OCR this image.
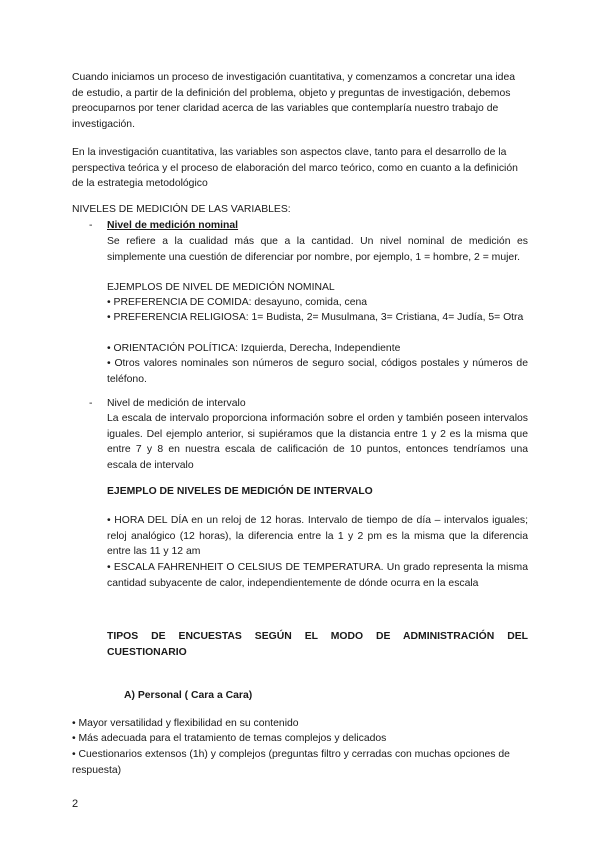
Cuando iniciamos un proceso de investigación cuantitativa, y comenzamos a concretar una idea de estudio, a partir de la definición del problema, objeto y preguntas de investigación, debemos preocuparnos por tener claridad acerca de las variables que contemplaría nuestro trabajo de investigación.

En la investigación cuantitativa, las variables son aspectos clave, tanto para el desarrollo de la perspectiva teórica y el proceso de elaboración del marco teórico, como en cuanto a la definición de la estrategia metodológico

NIVELES DE MEDICIÓN DE LAS VARIABLES:

- Nivel de medición nominal

Se refiere a la cualidad más que a la cantidad. Un nivel nominal de medición es simplemente una cuestión de diferenciar por nombre, por ejemplo, 1 = hombre, 2 = mujer.

EJEMPLOS DE NIVEL DE MEDICIÓN NOMINAL

• PREFERENCIA DE COMIDA: desayuno, comida, cena

• PREFERENCIA RELIGIOSA: 1= Budista, 2= Musulmana, 3= Cristiana, 4= Judía, 5= Otra

• ORIENTACIÓN POLÍTICA: Izquierda, Derecha, Independiente

• Otros valores nominales son números de seguro social, códigos postales y números de teléfono.

- Nivel de medición de intervalo

La escala de intervalo proporciona información sobre el orden y también poseen intervalos iguales. Del ejemplo anterior, si supiéramos que la distancia entre 1 y 2 es la misma que entre 7 y 8 en nuestra escala de calificación de 10 puntos, entonces tendríamos una escala de intervalo

EJEMPLO DE NIVELES DE MEDICIÓN DE INTERVALO

• HORA DEL DÍA en un reloj de 12 horas. Intervalo de tiempo de día – intervalos iguales; reloj analógico (12 horas), la diferencia entre la 1 y 2 pm es la misma que la diferencia entre las 11 y 12 am

• ESCALA FAHRENHEIT O CELSIUS DE TEMPERATURA. Un grado representa la misma cantidad subyacente de calor, independientemente de dónde ocurra en la escala

TIPOS DE ENCUESTAS SEGÚN EL MODO DE ADMINISTRACIÓN DEL CUESTIONARIO

A) Personal ( Cara a Cara)

• Mayor versatilidad y flexibilidad en su contenido

• Más adecuada para el tratamiento de temas complejos y delicados

• Cuestionarios extensos (1h) y complejos (preguntas filtro y cerradas con muchas opciones de respuesta)

2
